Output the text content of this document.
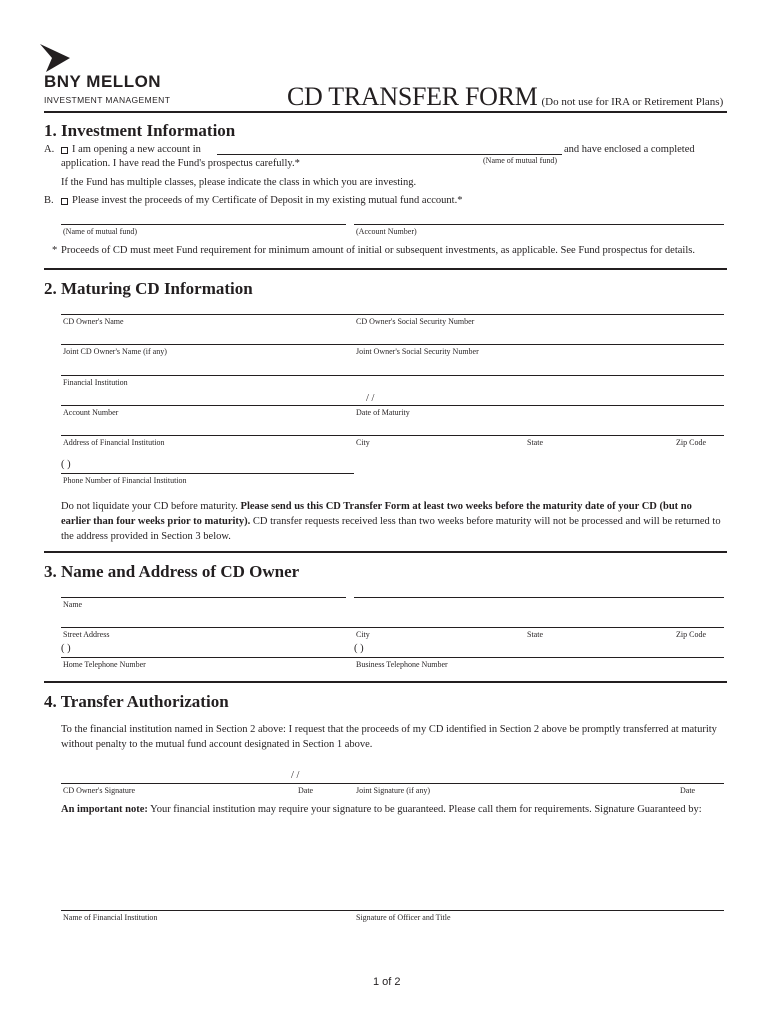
BNY MELLON
INVESTMENT MANAGEMENT	CD TRANSFER FORM (Do not use for IRA or Retirement Plans)
1. Investment Information
A. I am opening a new account in	and have enclosed a completed
(Name of mutual fund)
application. I have read the Fund's prospectus carefully.*
If the Fund has multiple classes, please indicate the class in which you are investing.
B. Please invest the proceeds of my Certificate of Deposit in my existing mutual fund account.*
(Name of mutual fund)	(Account Number)
* Proceeds of CD must meet Fund requirement for minimum amount of initial or subsequent investments, as applicable. See Fund prospectus for details.
2. Maturing CD Information
CD Owner's Name	CD Owner's Social Security Number
Joint CD Owner's Name (if any)	Joint Owner's Social Security Number
Financial Institution
/ /
Account Number	Date of Maturity
Address of Financial Institution	City	State	Zip Code
( )
Phone Number of Financial Institution
Do not liquidate your CD before maturity. Please send us this CD Transfer Form at least two weeks before the maturity date of your CD (but no earlier than four weeks prior to maturity). CD transfer requests received less than two weeks before maturity will not be processed and will be returned to the address provided in Section 3 below.
3. Name and Address of CD Owner
Name
Street Address	City	State	Zip Code
( )	( )
Home Telephone Number	Business Telephone Number
4. Transfer Authorization
To the financial institution named in Section 2 above: I request that the proceeds of my CD identified in Section 2 above be promptly transferred at maturity without penalty to the mutual fund account designated in Section 1 above.
/ /
CD Owner's Signature	Date	Joint Signature (if any)	Date
An important note: Your financial institution may require your signature to be guaranteed. Please call them for requirements. Signature Guaranteed by:
Name of Financial Institution	Signature of Officer and Title
1 of 2
